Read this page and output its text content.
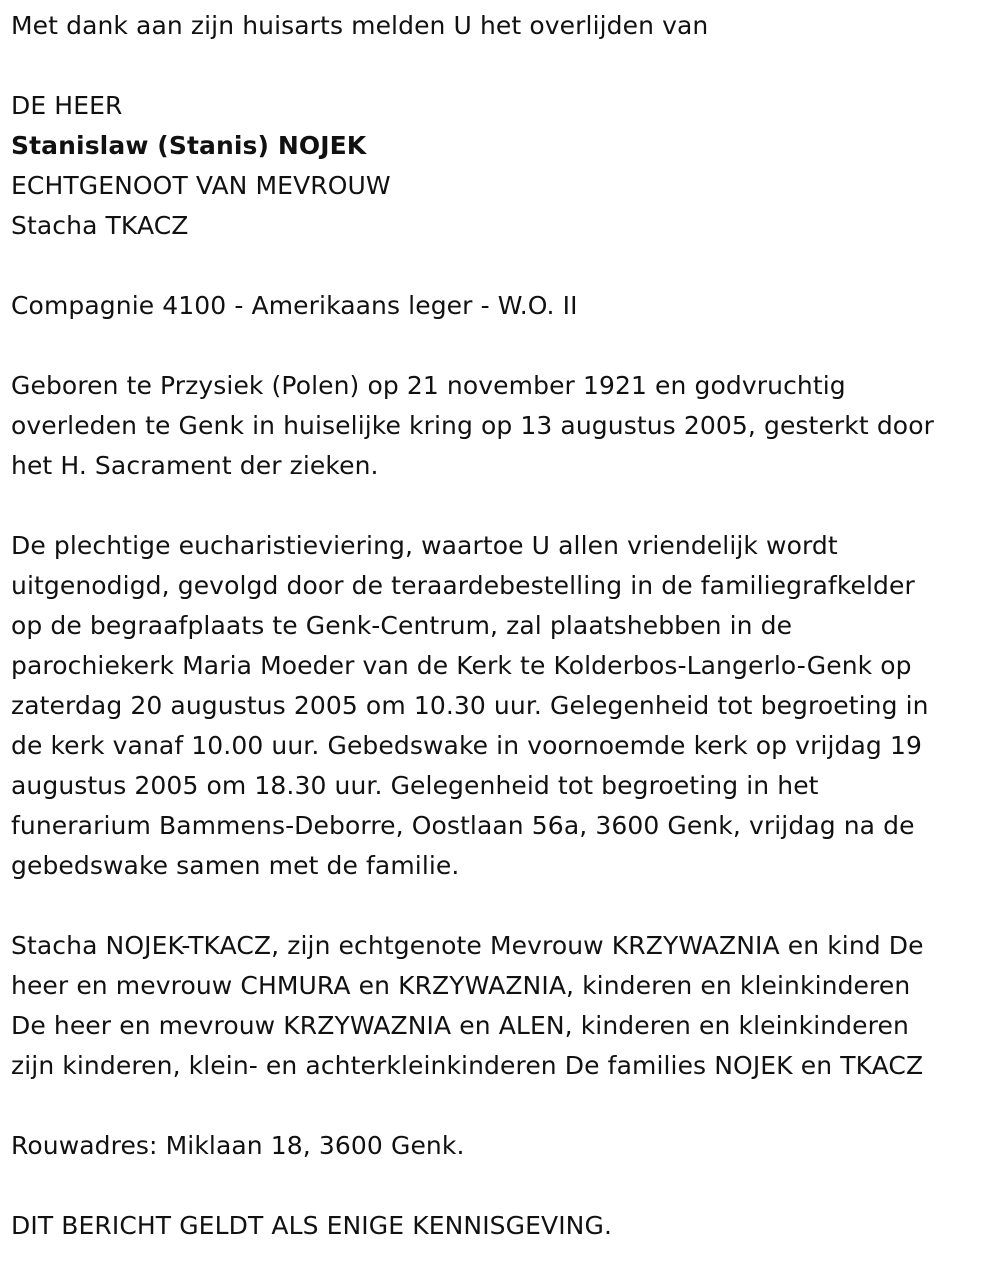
Met dank aan zijn huisarts melden U het overlijden van
DE HEER
Stanislaw (Stanis) NOJEK
ECHTGENOOT VAN MEVROUW
Stacha TKACZ
Compagnie 4100 - Amerikaans leger - W.O. II
Geboren te Przysiek (Polen) op 21 november 1921 en godvruchtig
overleden te Genk in huiselijke kring op 13 augustus 2005, gesterkt door
het H. Sacrament der zieken.
De plechtige eucharistieviering, waartoe U allen vriendelijk wordt
uitgenodigd, gevolgd door de teraardebestelling in de familiegrafkelder
op de begraafplaats te Genk-Centrum, zal plaatshebben in de
parochiekerk Maria Moeder van de Kerk te Kolderbos-Langerlo-Genk op
zaterdag 20 augustus 2005 om 10.30 uur. Gelegenheid tot begroeting in
de kerk vanaf 10.00 uur. Gebedswake in voornoemde kerk op vrijdag 19
augustus 2005 om 18.30 uur. Gelegenheid tot begroeting in het
funerarium Bammens-Deborre, Oostlaan 56a, 3600 Genk, vrijdag na de
gebedswake samen met de familie.
Stacha NOJEK-TKACZ, zijn echtgenote Mevrouw KRZYWAZNIA en kind De
heer en mevrouw CHMURA en KRZYWAZNIA, kinderen en kleinkinderen
De heer en mevrouw KRZYWAZNIA en ALEN, kinderen en kleinkinderen
zijn kinderen, klein- en achterkleinkinderen De families NOJEK en TKACZ
Rouwadres: Miklaan 18, 3600 Genk.
DIT BERICHT GELDT ALS ENIGE KENNISGEVING.
